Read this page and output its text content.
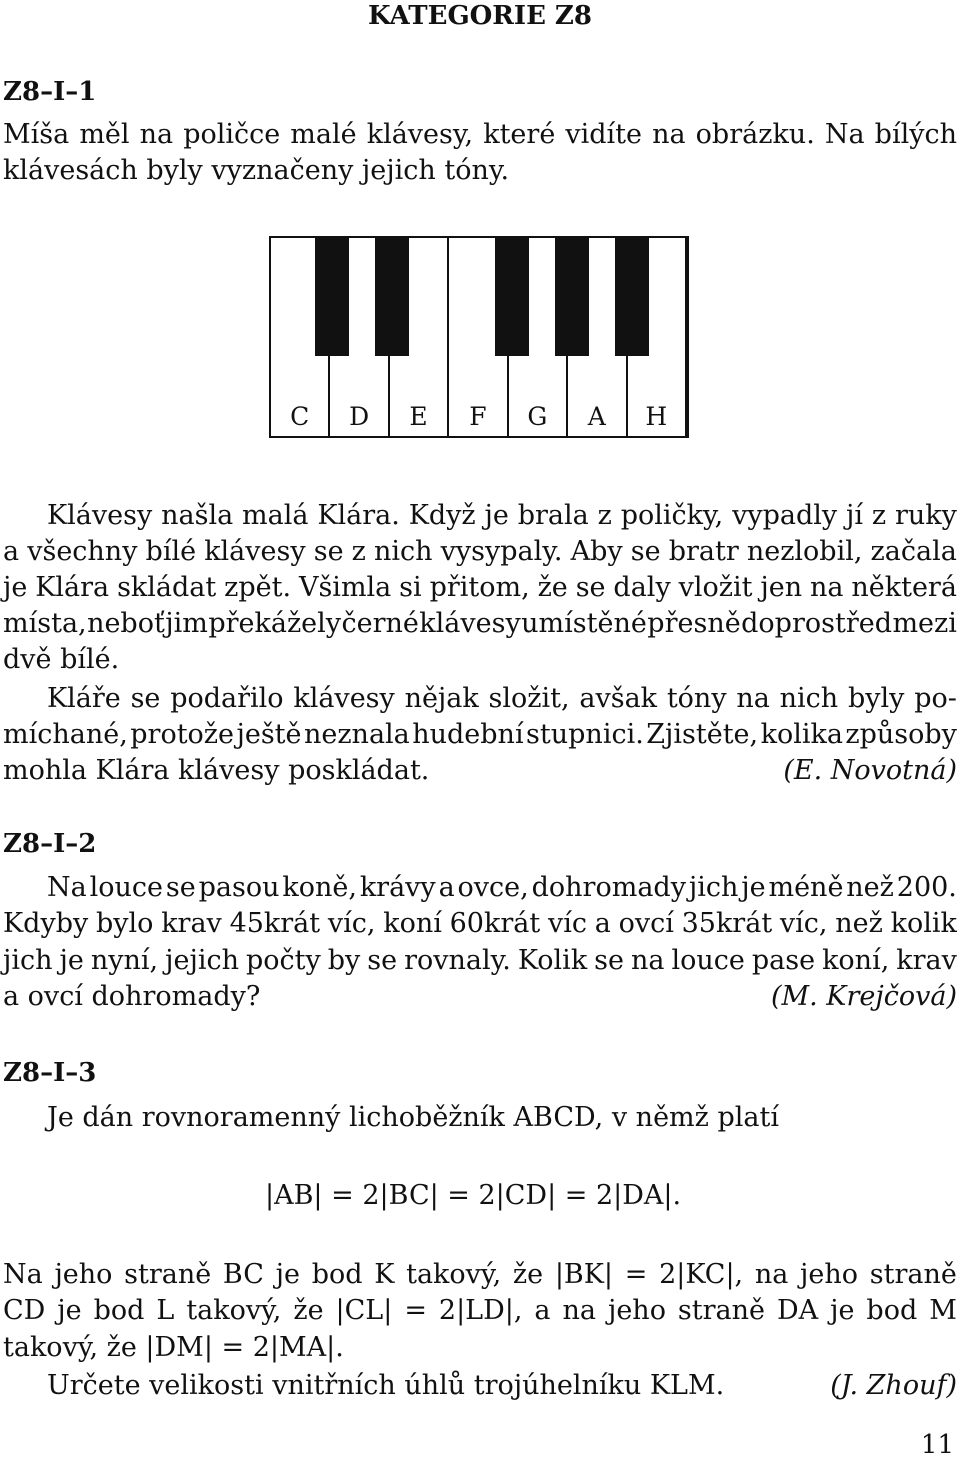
KATEGORIE Z8
Z8–I–1
Míša měl na poličce malé klávesy, které vidíte na obrázku. Na bílých
klávesách byly vyznačeny jejich tóny.
C D E F G A H
Klávesy našla malá Klára. Když je brala z poličky, vypadly jí z ruky
a všechny bílé klávesy se z nich vysypaly. Aby se bratr nezlobil, začala
je Klára skládat zpět. Všimla si přitom, že se daly vložit jen na některá
místa, neboť jim překážely černé klávesy umístěné přesně doprostřed mezi
dvě bílé.
Kláře se podařilo klávesy nějak složit, avšak tóny na nich byly po-
míchané, protože ještě neznala hudební stupnici. Zjistěte, kolika způsoby
mohla Klára klávesy poskládat.	(E. Novotná)
Z8–I–2
Na louce se pasou koně, krávy a ovce, dohromady jich je méně než 200.
Kdyby bylo krav 45krát víc, koní 60krát víc a ovcí 35krát víc, než kolik
jich je nyní, jejich počty by se rovnaly. Kolik se na louce pase koní, krav
a ovcí dohromady?	(M. Krejčová)
Z8–I–3
Je dán rovnoramenný lichoběžník ABCD, v němž platí
|AB| = 2|BC| = 2|CD| = 2|DA|.
Na jeho straně BC je bod K takový, že |BK| = 2|KC|, na jeho straně
CD je bod L takový, že |CL| = 2|LD|, a na jeho straně DA je bod M
takový, že |DM| = 2|MA|.
Určete velikosti vnitřních úhlů trojúhelníku KLM.	(J. Zhouf)
11
